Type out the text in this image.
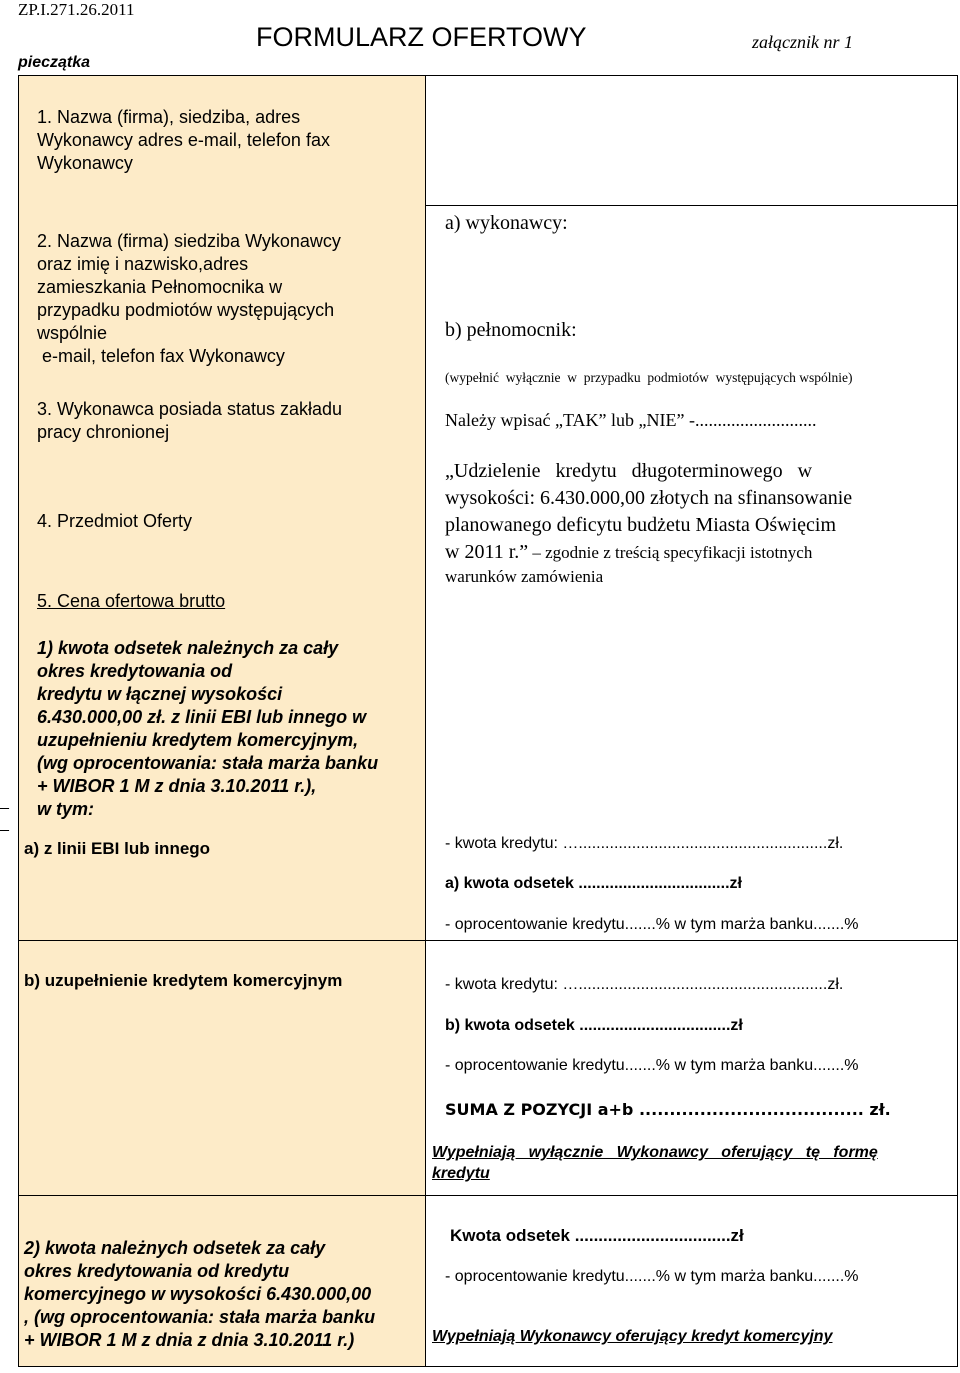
ZP.I.271.26.2011
FORMULARZ OFERTOWY	załącznik nr 1
pieczątka
1. Nazwa (firma), siedziba, adres
Wykonawcy adres e-mail, telefon fax
Wykonawcy
2. Nazwa (firma) siedziba Wykonawcy
oraz imię i nazwisko,adres
zamieszkania Pełnomocnika w
przypadku podmiotów występujących
wspólnie
e-mail, telefon fax Wykonawcy
3. Wykonawca posiada status zakładu
pracy chronionej
4. Przedmiot Oferty
5. Cena ofertowa brutto
1) kwota odsetek należnych za cały
okres kredytowania od
kredytu w łącznej wysokości
6.430.000,00 zł. z linii EBI lub innego w
uzupełnieniu kredytem komercyjnym,
(wg oprocentowania: stała marża banku
+ WIBOR 1 M z dnia 3.10.2011 r.),
w tym:
_
_
a) z linii EBI lub innego
b) uzupełnienie kredytem komercyjnym
2) kwota należnych odsetek za cały
okres kredytowania od kredytu
komercyjnego w wysokości 6.430.000,00
, (wg oprocentowania: stała marża banku
+ WIBOR 1 M z dnia z dnia 3.10.2011 r.)
a) wykonawcy:
b) pełnomocnik:
(wypełnić  wyłącznie  w  przypadku  podmiotów  występujących wspólnie)
Należy wpisać „TAK” lub „NIE” -...........................
„Udzielenie   kredytu   długoterminowego   w
wysokości: 6.430.000,00 złotych na sfinansowanie
planowanego deficytu budżetu Miasta Oświęcim
w 2011 r.” – zgodnie z treścią specyfikacji istotnych
warunków zamówienia
- kwota kredytu: …........................................................zł.
a) kwota odsetek ..................................zł
- oprocentowanie kredytu.......% w tym marża banku.......%
- kwota kredytu: …........................................................zł.
b) kwota odsetek ..................................zł
- oprocentowanie kredytu.......% w tym marża banku.......%
SUMA Z POZYCJI a+b ..................................... zł.
Wypełniają   wyłącznie   Wykonawcy   oferujący   tę   formę
kredytu
Kwota odsetek .................................zł
- oprocentowanie kredytu.......% w tym marża banku.......%
Wypełniają Wykonawcy oferujący kredyt komercyjny
